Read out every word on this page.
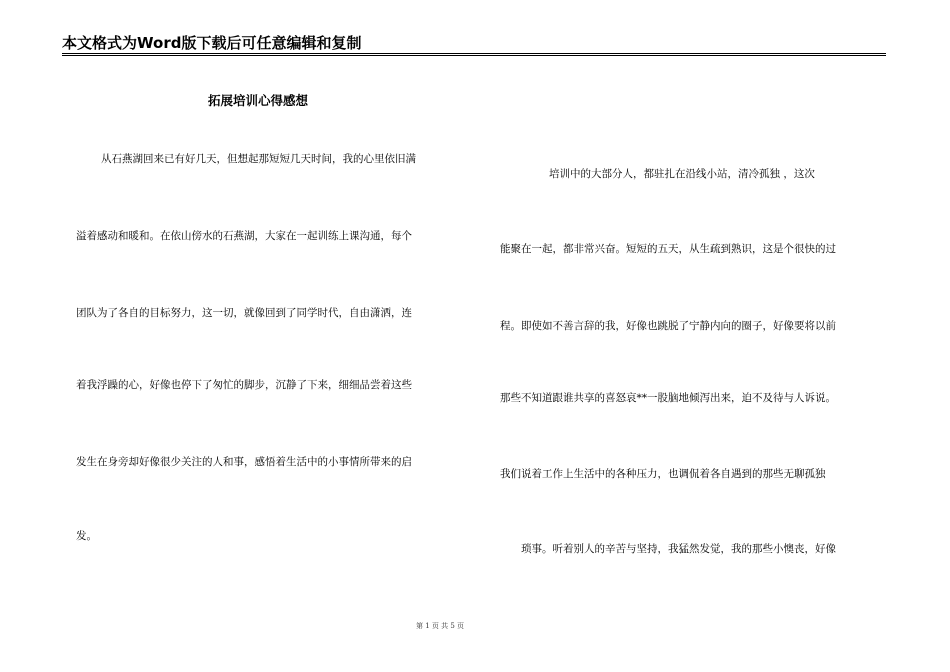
本文格式为Word版下载后可任意编辑和复制
拓展培训心得感想
从石燕湖回来已有好几天，但想起那短短几天时间，我的心里依旧满
溢着感动和暖和。在依山傍水的石燕湖，大家在一起训练上课沟通，每个
团队为了各自的目标努力，这一切，就像回到了同学时代，自由潇洒，连
着我浮躁的心，好像也停下了匆忙的脚步，沉静了下来，细细品尝着这些
发生在身旁却好像很少关注的人和事，感悟着生活中的小事情所带来的启
发。
培训中的大部分人，都驻扎在沿线小站，清冷孤独 ，这次
能聚在一起，都非常兴奋。短短的五天，从生疏到熟识，这是个很快的过
程。即使如不善言辞的我，好像也跳脱了宁静内向的圈子，好像要将以前
那些不知道跟谁共享的喜怒哀**一股脑地倾泻出来，迫不及待与人诉说。
我们说着工作上生活中的各种压力，也调侃着各自遇到的那些无聊孤独
琐事。听着别人的辛苦与坚持，我猛然发觉，我的那些小懊丧，好像
第 1 页 共 5 页
